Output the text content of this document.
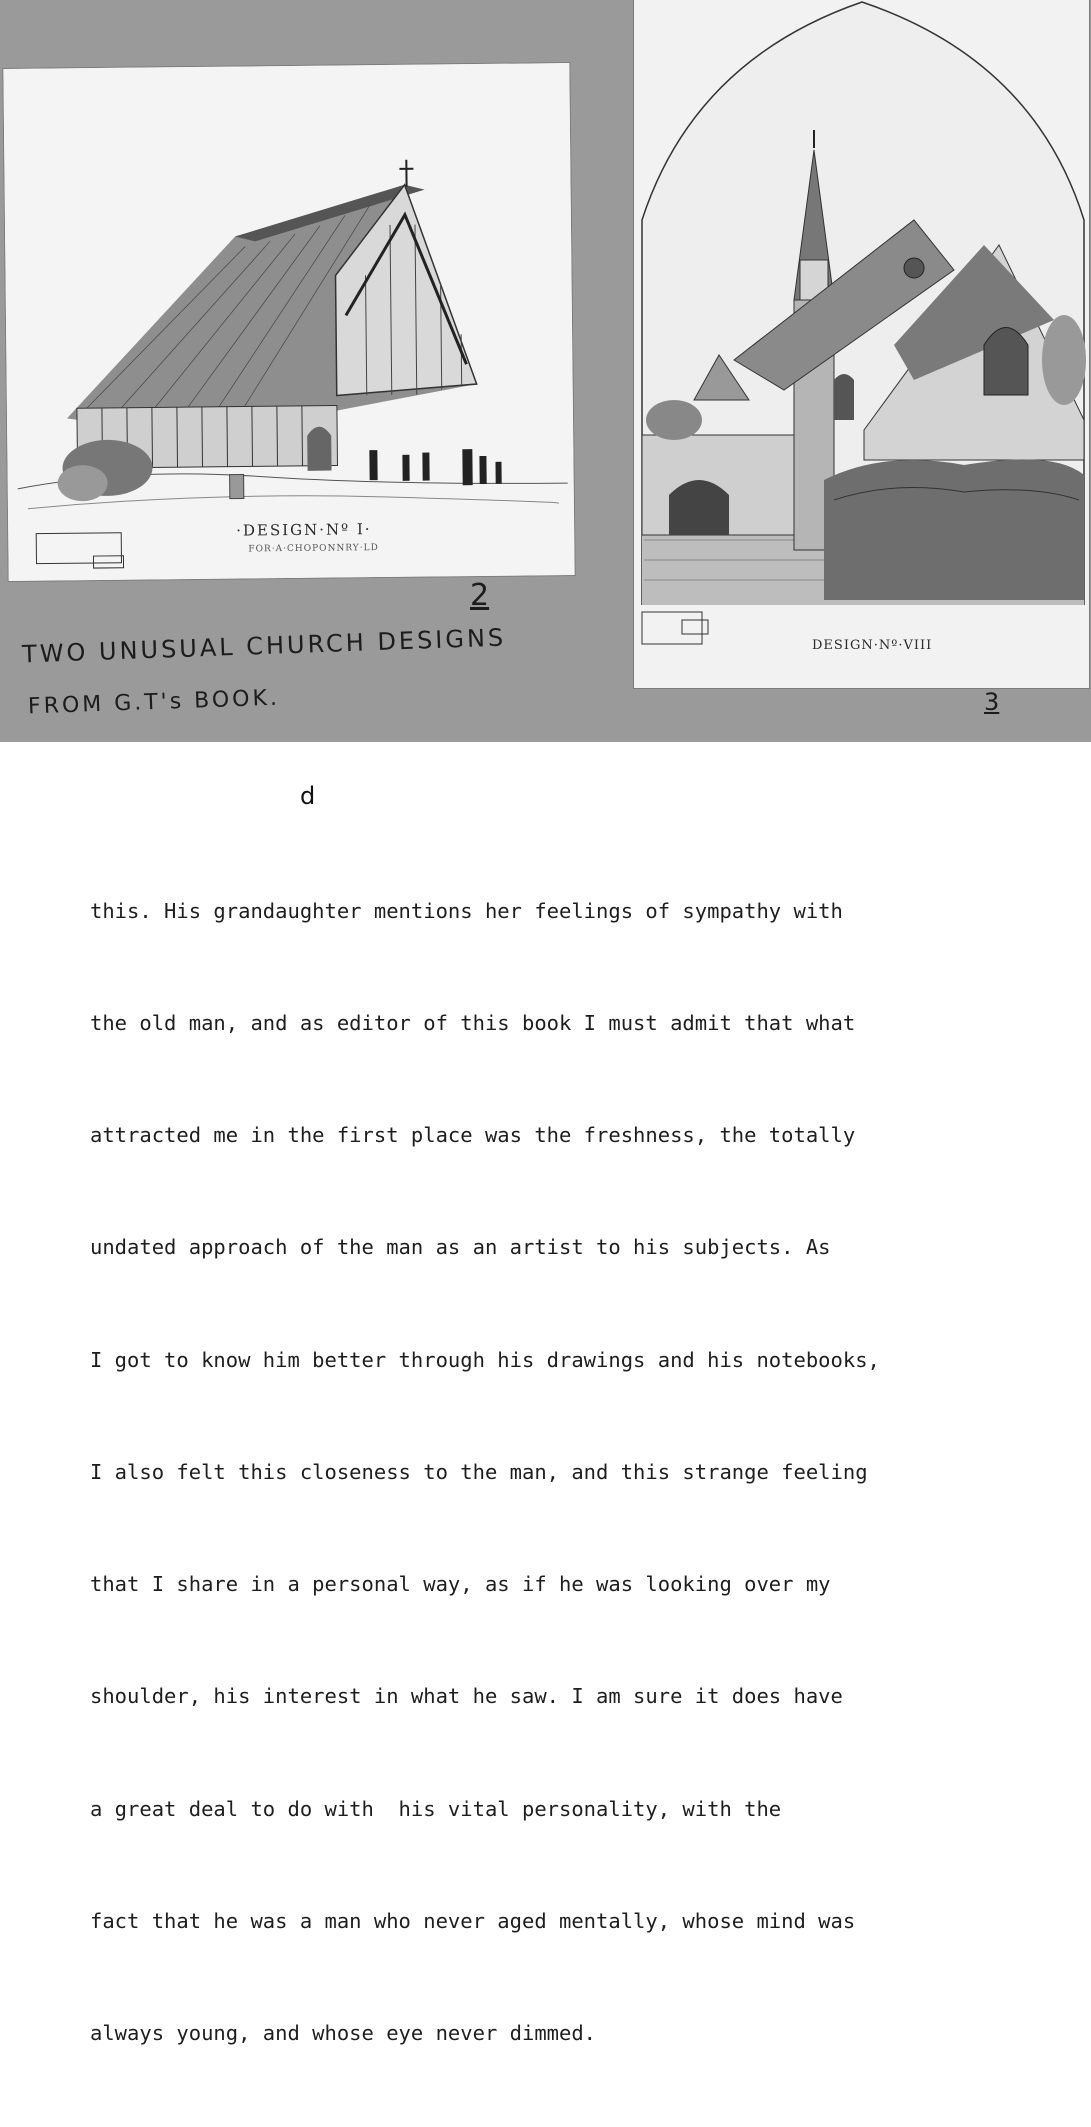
·DESIGN·Nº I·
FOR·A·CHOPONNRY·LD
DESIGN·Nº·VIII
TWO UNUSUAL CHURCH DESIGNS
FROM G.T's BOOK.
2
3
d

this. His grandaughter mentions her feelings of sympathy with

the old man, and as editor of this book I must admit that what

attracted me in the first place was the freshness, the totally

undated approach of the man as an artist to his subjects. As

I got to know him better through his drawings and his notebooks,

I also felt this closeness to the man, and this strange feeling

that I share in a personal way, as if he was looking over my

shoulder, his interest in what he saw. I am sure it does have

a great deal to do with  his vital personality, with the

fact that he was a man who never aged mentally, whose mind was

always young, and whose eye never dimmed.
